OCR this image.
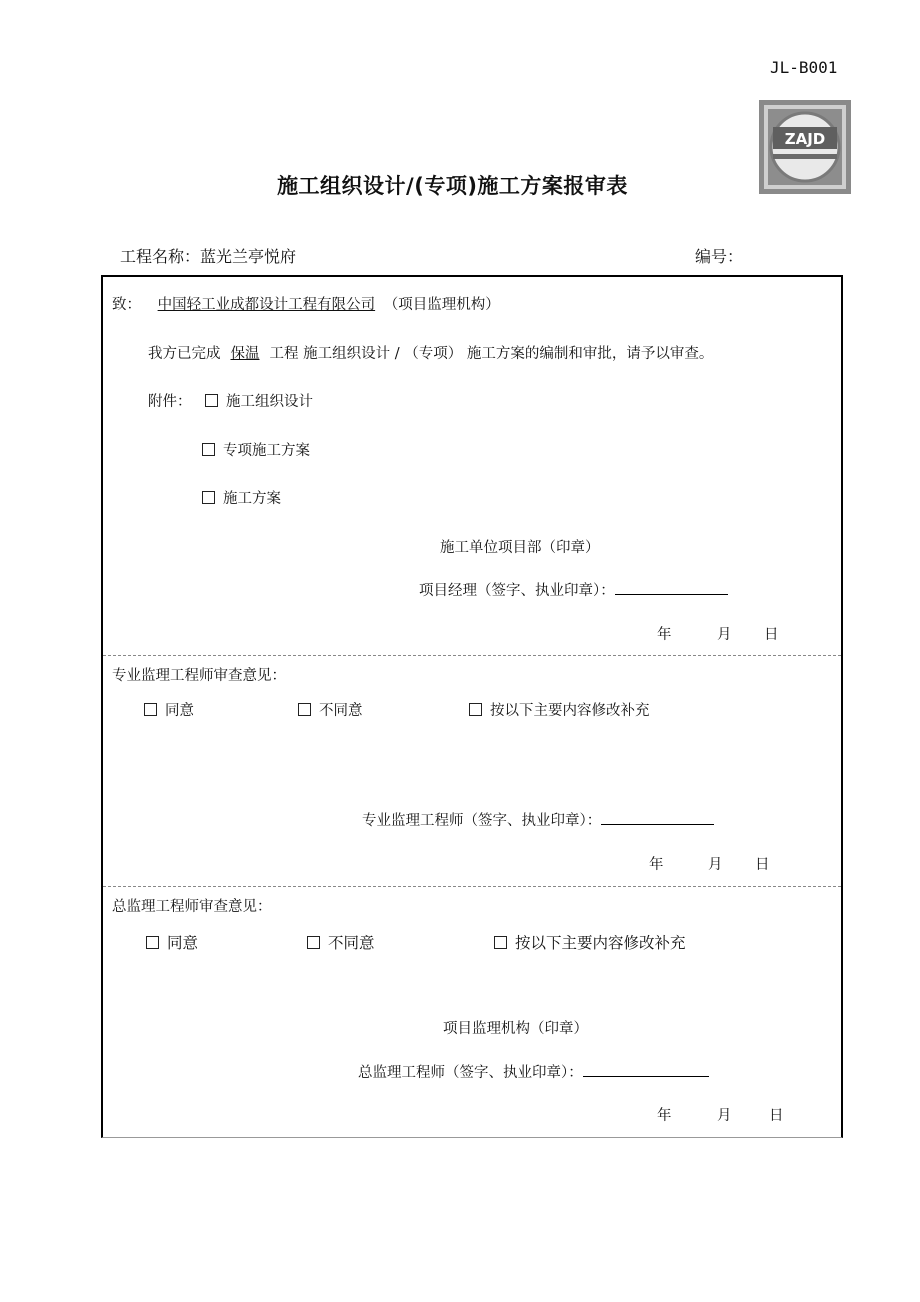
JL-B001
ZAJD
施工组织设计/(专项)施工方案报审表
工程名称：蓝光兰亭悦府	编号：
致： 中国轻工业成都设计工程有限公司 （项目监理机构）
我方已完成 保温 工程 施工组织设计 / （专项） 施工方案的编制和审批，请予以审查。
附件：	施工组织设计
专项施工方案
施工方案
施工单位项目部（印章）
项目经理（签字、执业印章）：
年	月 日
专业监理工程师审查意见：
同意	不同意	按以下主要内容修改补充
专业监理工程师（签字、执业印章）：
年	月 日
总监理工程师审查意见：
同意	不同意	按以下主要内容修改补充
项目监理机构（印章）
总监理工程师（签字、执业印章）：
年	月	日
